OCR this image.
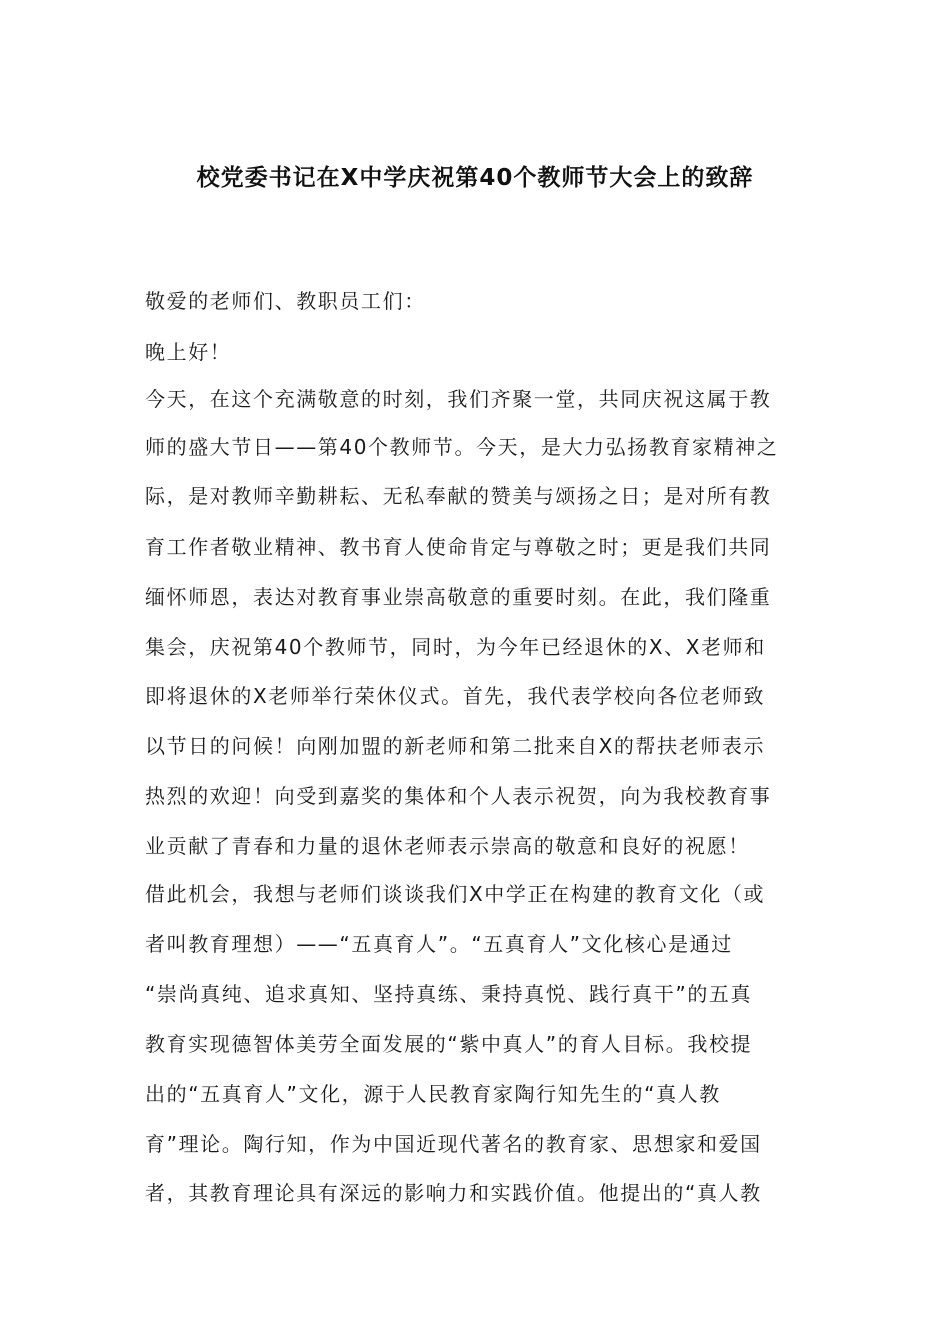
校党委书记在X中学庆祝第40个教师节大会上的致辞
敬爱的老师们、教职员工们：
晚上好！
今天，在这个充满敬意的时刻，我们齐聚一堂，共同庆祝这属于教
师的盛大节日——第40个教师节。今天，是大力弘扬教育家精神之
际，是对教师辛勤耕耘、无私奉献的赞美与颂扬之日；是对所有教
育工作者敬业精神、教书育人使命肯定与尊敬之时；更是我们共同
缅怀师恩，表达对教育事业崇高敬意的重要时刻。在此，我们隆重
集会，庆祝第40个教师节，同时，为今年已经退休的X、X老师和
即将退休的X老师举行荣休仪式。首先，我代表学校向各位老师致
以节日的问候！向刚加盟的新老师和第二批来自X的帮扶老师表示
热烈的欢迎！向受到嘉奖的集体和个人表示祝贺，向为我校教育事
业贡献了青春和力量的退休老师表示崇高的敬意和良好的祝愿！
借此机会，我想与老师们谈谈我们X中学正在构建的教育文化（或
者叫教育理想）——“五真育人”。“五真育人”文化核心是通过
“崇尚真纯、追求真知、坚持真练、秉持真悦、践行真干”的五真
教育实现德智体美劳全面发展的“紫中真人”的育人目标。我校提
出的“五真育人”文化，源于人民教育家陶行知先生的“真人教
育”理论。陶行知，作为中国近现代著名的教育家、思想家和爱国
者，其教育理论具有深远的影响力和实践价值。他提出的“真人教
